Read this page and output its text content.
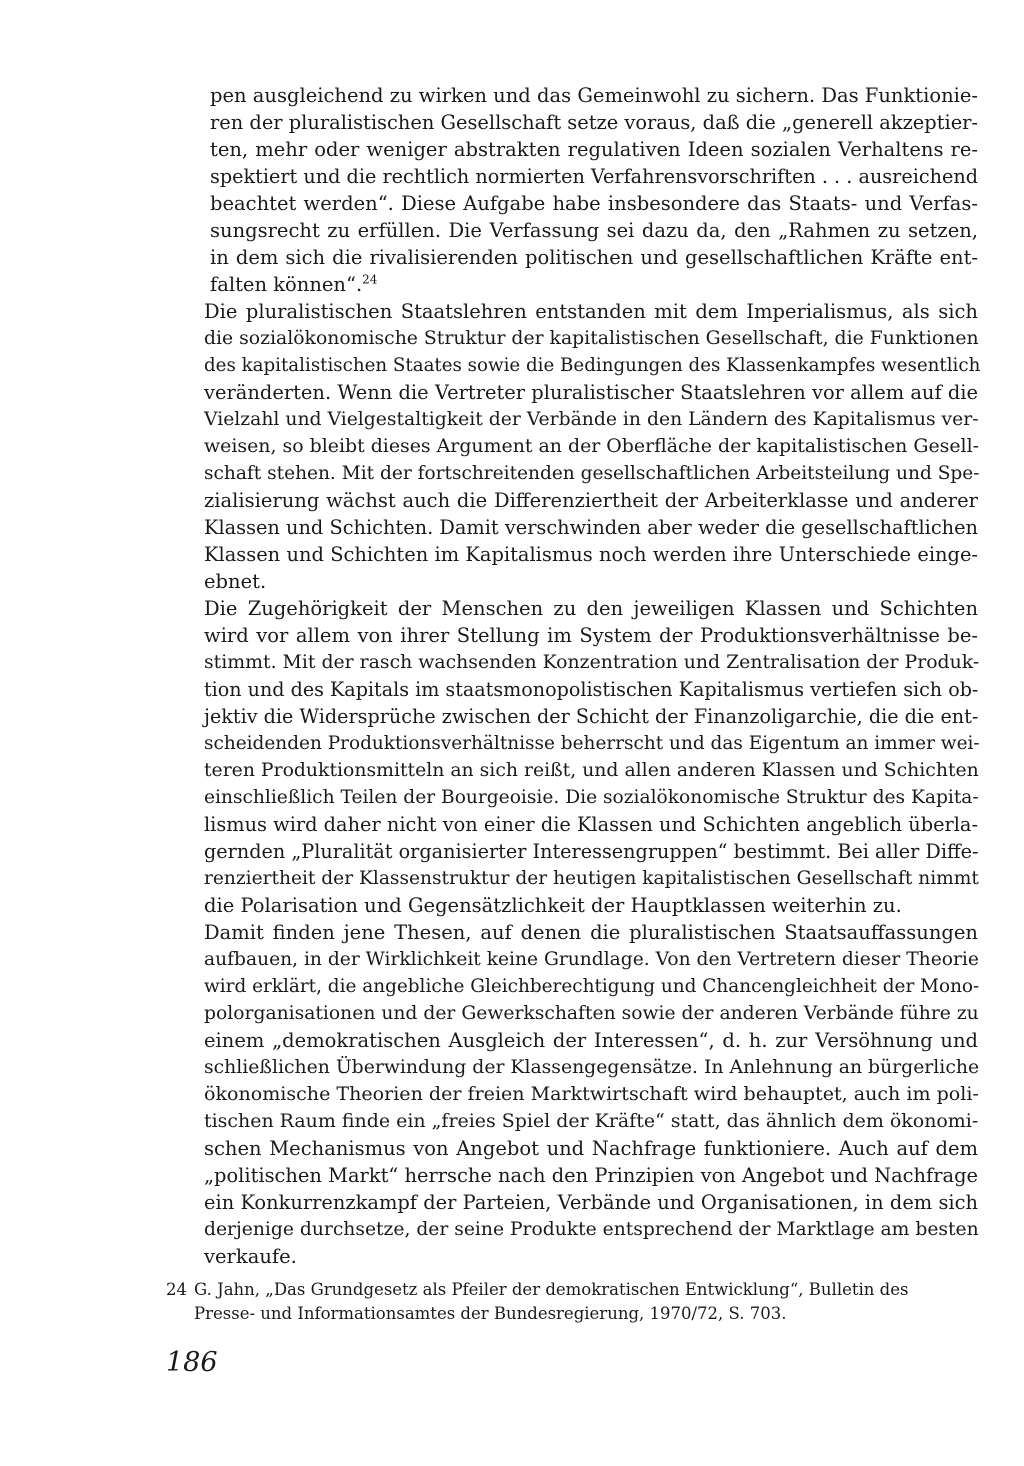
pen ausgleichend zu wirken und das Gemeinwohl zu sichern. Das Funktionie-
ren der pluralistischen Gesellschaft setze voraus, daß die „generell akzeptier-
ten, mehr oder weniger abstrakten regulativen Ideen sozialen Verhaltens re-
spektiert und die rechtlich normierten Verfahrensvorschriften . . . ausreichend
beachtet werden“. Diese Aufgabe habe insbesondere das Staats- und Verfas-
sungsrecht zu erfüllen. Die Verfassung sei dazu da, den „Rahmen zu setzen,
in dem sich die rivalisierenden politischen und gesellschaftlichen Kräfte ent-
falten können“.$^{24}$
Die pluralistischen Staatslehren entstanden mit dem Imperialismus, als sich
die sozialökonomische Struktur der kapitalistischen Gesellschaft, die Funktionen
des kapitalistischen Staates sowie die Bedingungen des Klassenkampfes wesentlich
veränderten. Wenn die Vertreter pluralistischer Staatslehren vor allem auf die
Vielzahl und Vielgestaltigkeit der Verbände in den Ländern des Kapitalismus ver-
weisen, so bleibt dieses Argument an der Oberfläche der kapitalistischen Gesell-
schaft stehen. Mit der fortschreitenden gesellschaftlichen Arbeitsteilung und Spe-
zialisierung wächst auch die Differenziertheit der Arbeiterklasse und anderer
Klassen und Schichten. Damit verschwinden aber weder die gesellschaftlichen
Klassen und Schichten im Kapitalismus noch werden ihre Unterschiede einge-
ebnet.
Die Zugehörigkeit der Menschen zu den jeweiligen Klassen und Schichten
wird vor allem von ihrer Stellung im System der Produktionsverhältnisse be-
stimmt. Mit der rasch wachsenden Konzentration und Zentralisation der Produk-
tion und des Kapitals im staatsmonopolistischen Kapitalismus vertiefen sich ob-
jektiv die Widersprüche zwischen der Schicht der Finanzoligarchie, die die ent-
scheidenden Produktionsverhältnisse beherrscht und das Eigentum an immer wei-
teren Produktionsmitteln an sich reißt, und allen anderen Klassen und Schichten
einschließlich Teilen der Bourgeoisie. Die sozialökonomische Struktur des Kapita-
lismus wird daher nicht von einer die Klassen und Schichten angeblich überla-
gernden „Pluralität organisierter Interessengruppen“ bestimmt. Bei aller Diffe-
renziertheit der Klassenstruktur der heutigen kapitalistischen Gesellschaft nimmt
die Polarisation und Gegensätzlichkeit der Hauptklassen weiterhin zu.
Damit finden jene Thesen, auf denen die pluralistischen Staatsauffassungen
aufbauen, in der Wirklichkeit keine Grundlage. Von den Vertretern dieser Theorie
wird erklärt, die angebliche Gleichberechtigung und Chancengleichheit der Mono-
polorganisationen und der Gewerkschaften sowie der anderen Verbände führe zu
einem „demokratischen Ausgleich der Interessen“, d. h. zur Versöhnung und
schließlichen Überwindung der Klassengegensätze. In Anlehnung an bürgerliche
ökonomische Theorien der freien Marktwirtschaft wird behauptet, auch im poli-
tischen Raum finde ein „freies Spiel der Kräfte“ statt, das ähnlich dem ökonomi-
schen Mechanismus von Angebot und Nachfrage funktioniere. Auch auf dem
„politischen Markt“ herrsche nach den Prinzipien von Angebot und Nachfrage
ein Konkurrenzkampf der Parteien, Verbände und Organisationen, in dem sich
derjenige durchsetze, der seine Produkte entsprechend der Marktlage am besten
verkaufe.
24 G. Jahn, „Das Grundgesetz als Pfeiler der demokratischen Entwicklung“, Bulletin des
Presse- und Informationsamtes der Bundesregierung, 1970/72, S. 703.
186
